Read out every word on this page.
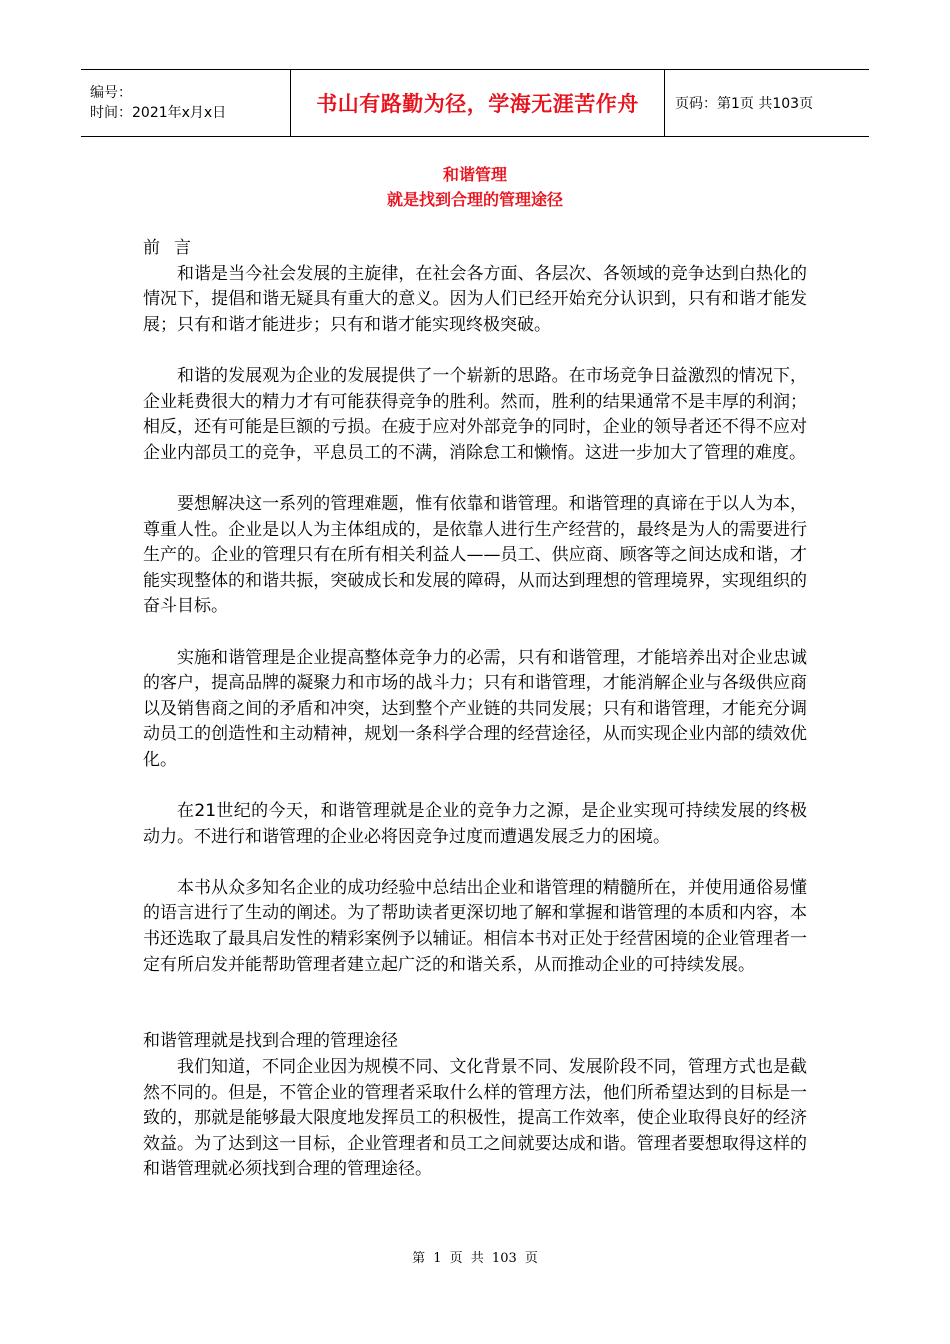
编号：
时间：2021年x月x日	书山有路勤为径，学海无涯苦作舟	页码：第1页 共103页
和谐管理
就是找到合理的管理途径

前言

和谐是当今社会发展的主旋律，在社会各方面、各层次、各领域的竞争达到白热化的情况下，提倡和谐无疑具有重大的意义。因为人们已经开始充分认识到，只有和谐才能发展；只有和谐才能进步；只有和谐才能实现终极突破。

和谐的发展观为企业的发展提供了一个崭新的思路。在市场竞争日益激烈的情况下，企业耗费很大的精力才有可能获得竞争的胜利。然而，胜利的结果通常不是丰厚的利润；相反，还有可能是巨额的亏损。在疲于应对外部竞争的同时，企业的领导者还不得不应对企业内部员工的竞争，平息员工的不满，消除怠工和懒惰。这进一步加大了管理的难度。

要想解决这一系列的管理难题，惟有依靠和谐管理。和谐管理的真谛在于以人为本，尊重人性。企业是以人为主体组成的，是依靠人进行生产经营的，最终是为人的需要进行生产的。企业的管理只有在所有相关利益人——员工、供应商、顾客等之间达成和谐，才能实现整体的和谐共振，突破成长和发展的障碍，从而达到理想的管理境界，实现组织的奋斗目标。

实施和谐管理是企业提高整体竞争力的必需，只有和谐管理，才能培养出对企业忠诚的客户，提高品牌的凝聚力和市场的战斗力；只有和谐管理，才能消解企业与各级供应商以及销售商之间的矛盾和冲突，达到整个产业链的共同发展；只有和谐管理，才能充分调动员工的创造性和主动精神，规划一条科学合理的经营途径，从而实现企业内部的绩效优化。

在21世纪的今天，和谐管理就是企业的竞争力之源，是企业实现可持续发展的终极动力。不进行和谐管理的企业必将因竞争过度而遭遇发展乏力的困境。

本书从众多知名企业的成功经验中总结出企业和谐管理的精髓所在，并使用通俗易懂的语言进行了生动的阐述。为了帮助读者更深切地了解和掌握和谐管理的本质和内容，本书还选取了最具启发性的精彩案例予以辅证。相信本书对正处于经营困境的企业管理者一定有所启发并能帮助管理者建立起广泛的和谐关系，从而推动企业的可持续发展。

和谐管理就是找到合理的管理途径

我们知道，不同企业因为规模不同、文化背景不同、发展阶段不同，管理方式也是截然不同的。但是，不管企业的管理者采取什么样的管理方法，他们所希望达到的目标是一致的，那就是能够最大限度地发挥员工的积极性，提高工作效率，使企业取得良好的经济效益。为了达到这一目标，企业管理者和员工之间就要达成和谐。管理者要想取得这样的和谐管理就必须找到合理的管理途径。

第 1 页 共 103 页
